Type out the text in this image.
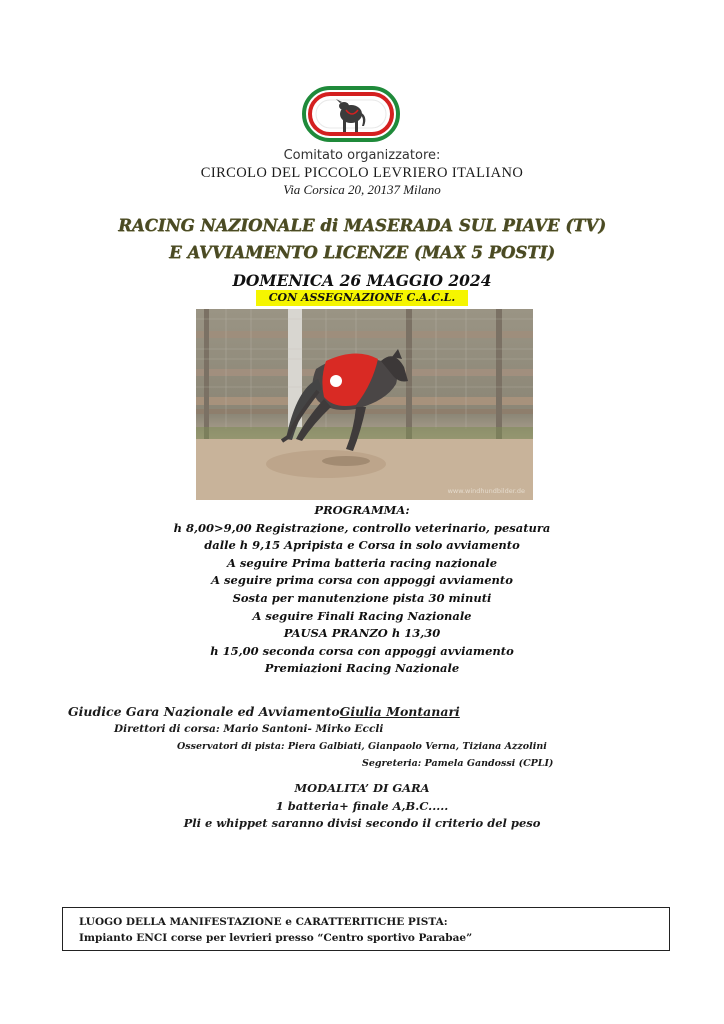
Comitato organizzatore:
CIRCOLO DEL PICCOLO LEVRIERO ITALIANO
Via Corsica 20, 20137 Milano
RACING NAZIONALE di MASERADA SUL PIAVE (TV)
E AVVIAMENTO LICENZE (MAX 5 POSTI)
DOMENICA 26 MAGGIO 2024
CON ASSEGNAZIONE C.A.C.L.
www.windhundbilder.de
PROGRAMMA:
h 8,00>9,00 Registrazione, controllo veterinario, pesatura
dalle h 9,15 Apripista e Corsa in solo avviamento
A seguire Prima batteria racing nazionale
A seguire prima corsa con appoggi avviamento
Sosta per manutenzione pista 30 minuti
A seguire Finali Racing Nazionale
PAUSA PRANZO h 13,30
h 15,00 seconda corsa con appoggi avviamento
Premiazioni Racing Nazionale
Giudice Gara Nazionale ed AvviamentoGiulia Montanari
Direttori di corsa: Mario Santoni- Mirko Eccli
Osservatori di pista: Piera Galbiati, Gianpaolo Verna, Tiziana Azzolini
Segreteria: Pamela Gandossi (CPLI)
MODALITA’ DI GARA
1 batteria+ finale A,B.C.....
Pli e whippet saranno divisi secondo il criterio del peso
LUOGO DELLA MANIFESTAZIONE e CARATTERITICHE PISTA:
Impianto ENCI corse per levrieri presso “Centro sportivo Parabae”
